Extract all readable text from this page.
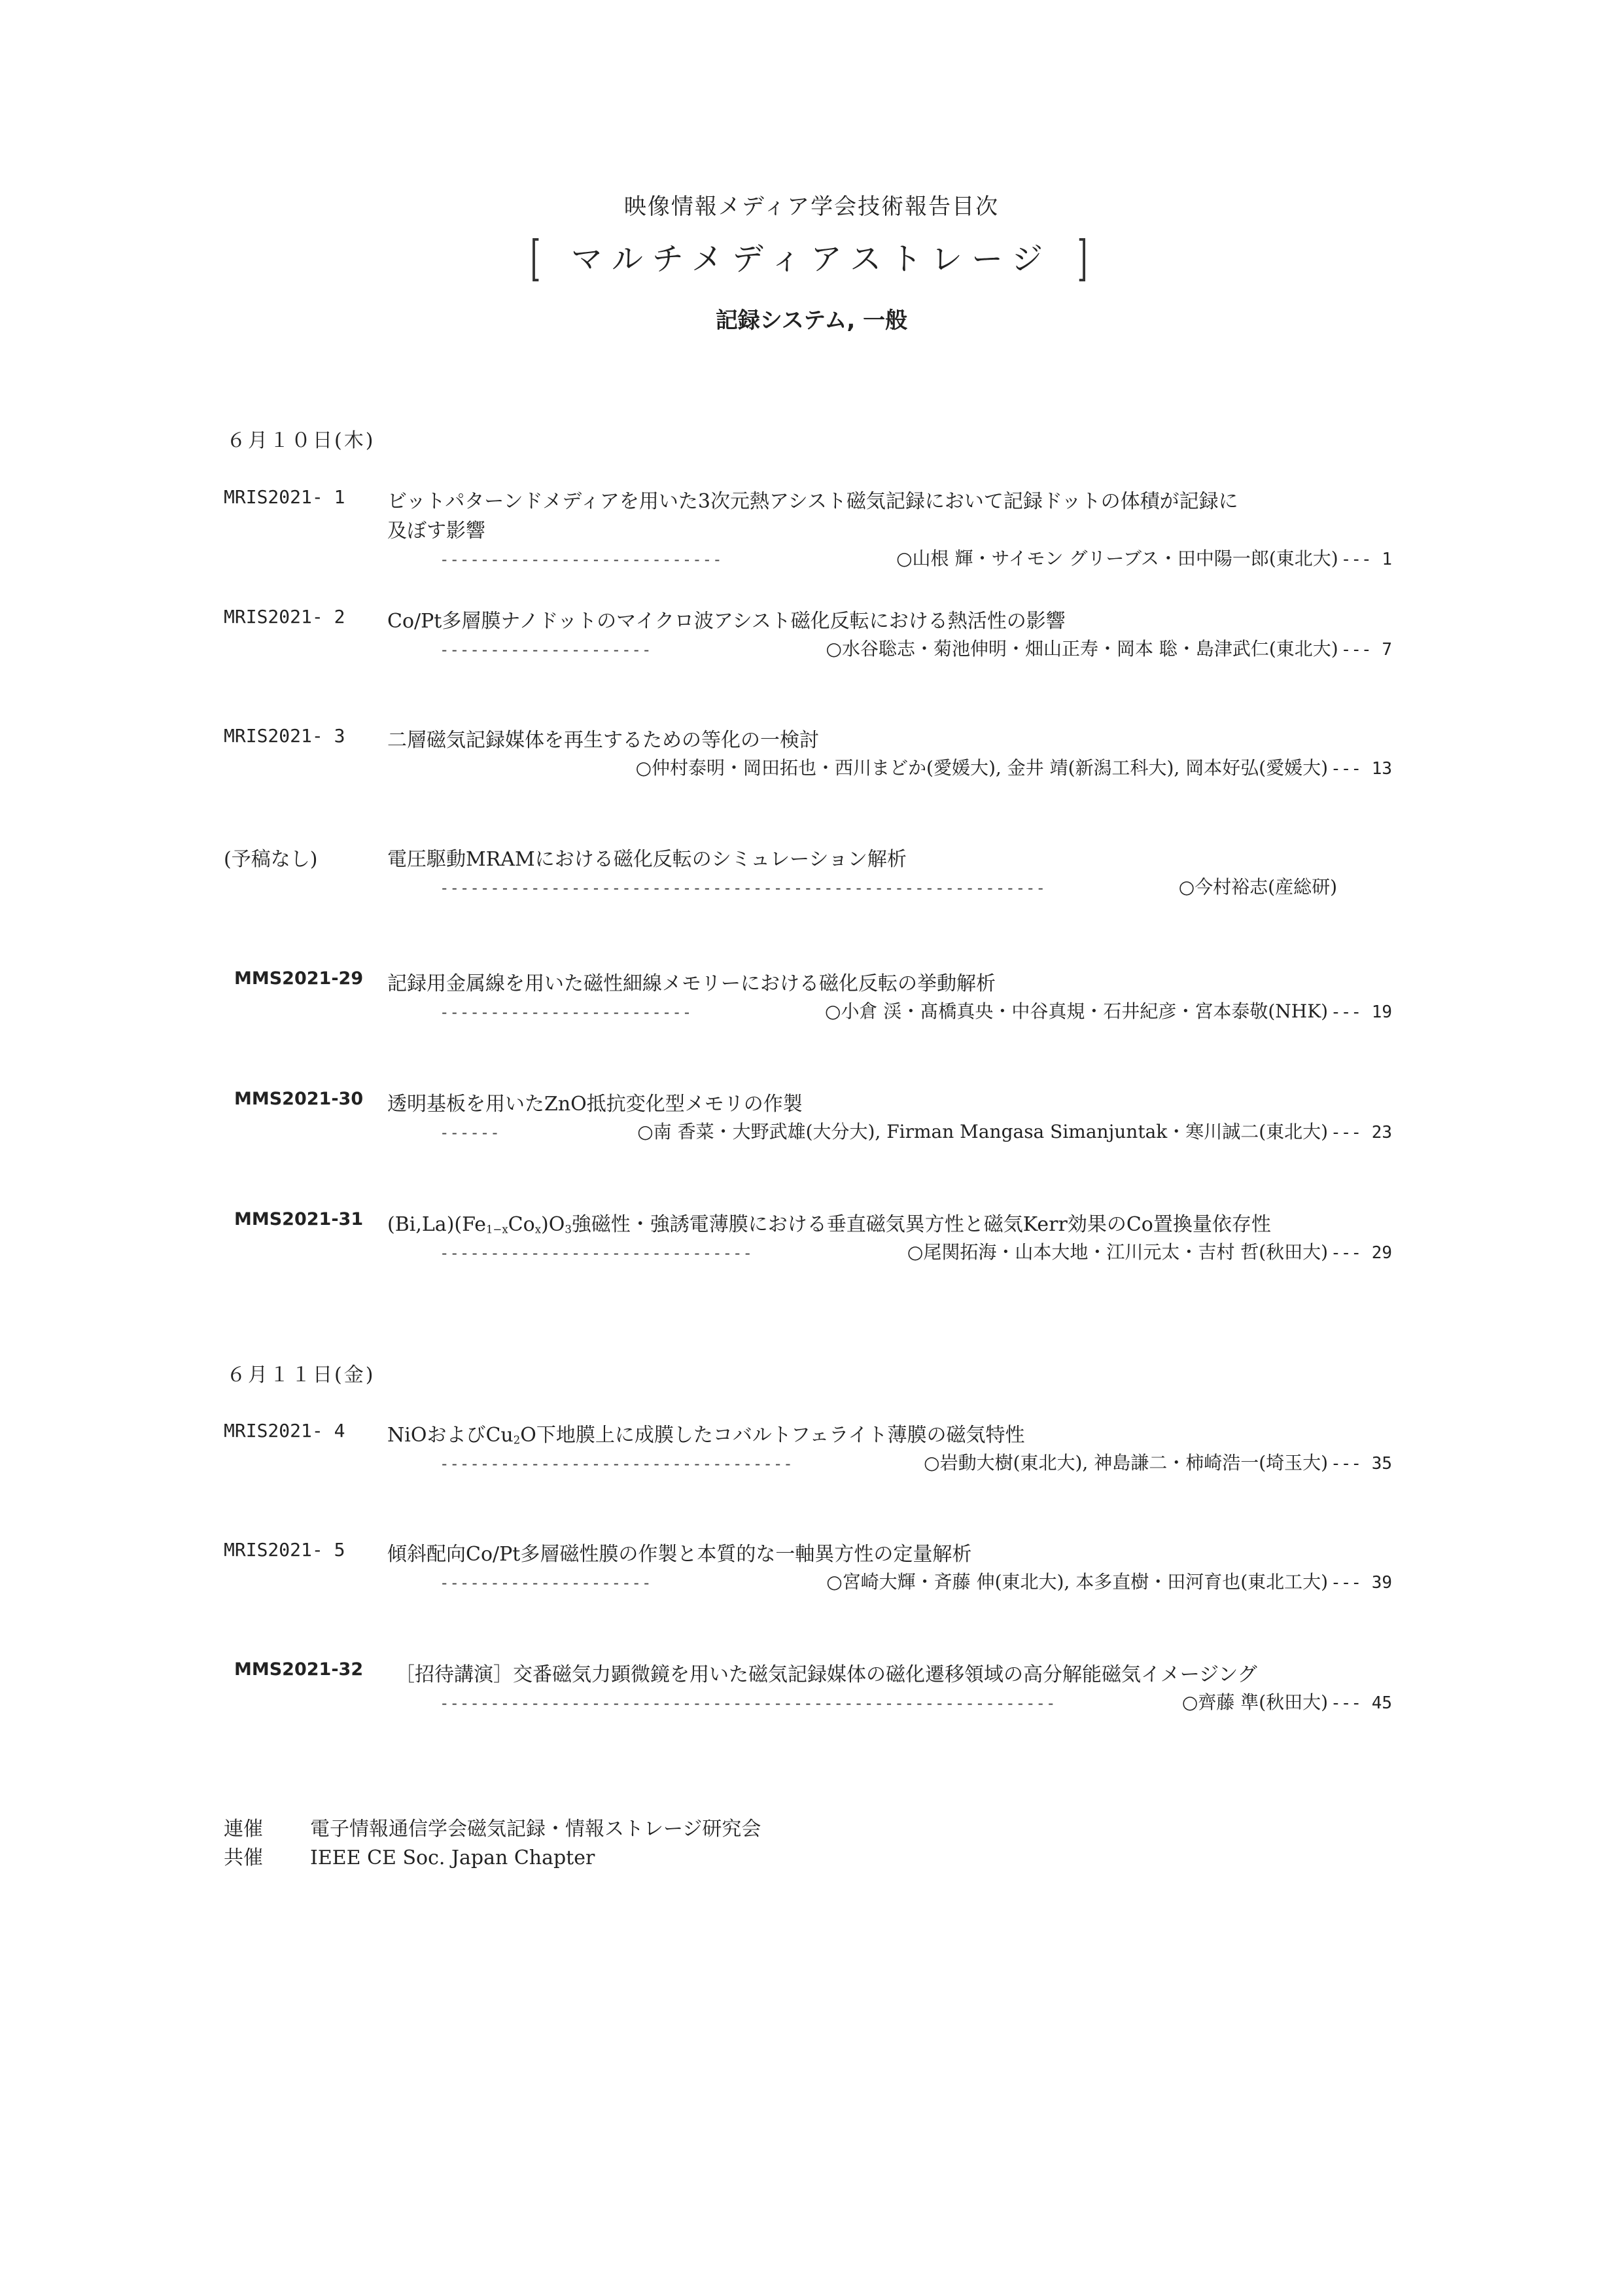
映像情報メディア学会技術報告目次
[ マルチメディアストレージ ]
記録システム, 一般
６月１０日(木)
MRIS2021- 1 ビットパターンドメディアを用いた3次元熱アシスト磁気記録において記録ドットの体積が記録に
及ぼす影響
----------------------------	○山根 輝・サイモン グリーブス・田中陽一郎(東北大) --- 1
MRIS2021- 2 Co/Pt多層膜ナノドットのマイクロ波アシスト磁化反転における熱活性の影響
---------------------	○水谷聡志・菊池伸明・畑山正寿・岡本 聡・島津武仁(東北大) --- 7
MRIS2021- 3 二層磁気記録媒体を再生するための等化の一検討
○仲村泰明・岡田拓也・西川まどか(愛媛大), 金井 靖(新潟工科大), 岡本好弘(愛媛大) --- 13
(予稿なし)	電圧駆動MRAMにおける磁化反転のシミュレーション解析
------------------------------------------------------------	○今村裕志(産総研)
MMS2021-29 記録用金属線を用いた磁性細線メモリーにおける磁化反転の挙動解析
-------------------------	○小倉 渓・髙橋真央・中谷真規・石井紀彦・宮本泰敬(NHK) --- 19
MMS2021-30 透明基板を用いたZnO抵抗変化型メモリの作製
------	○南 香菜・大野武雄(大分大), Firman Mangasa Simanjuntak・寒川誠二(東北大) --- 23
MMS2021-31 $(Bi,La)(Fe_{1-x}Co_x)O_3$強磁性・強誘電薄膜における垂直磁気異方性と磁気Kerr効果のCo置換量依存性
-------------------------------	○尾関拓海・山本大地・江川元太・吉村 哲(秋田大) --- 29
６月１１日(金)
MRIS2021- 4 NiOおよび$Cu_2O$下地膜上に成膜したコバルトフェライト薄膜の磁気特性
-----------------------------------	○岩動大樹(東北大), 神島謙二・柿崎浩一(埼玉大) --- 35
MRIS2021- 5 傾斜配向Co/Pt多層磁性膜の作製と本質的な一軸異方性の定量解析
---------------------	○宮崎大輝・斉藤 伸(東北大), 本多直樹・田河育也(東北工大) --- 39
MMS2021-32 ［招待講演］交番磁気力顕微鏡を用いた磁気記録媒体の磁化遷移領域の高分解能磁気イメージング
-------------------------------------------------------------	○齊藤 準(秋田大) --- 45
連催 電子情報通信学会磁気記録・情報ストレージ研究会
共催 IEEE CE Soc. Japan Chapter
